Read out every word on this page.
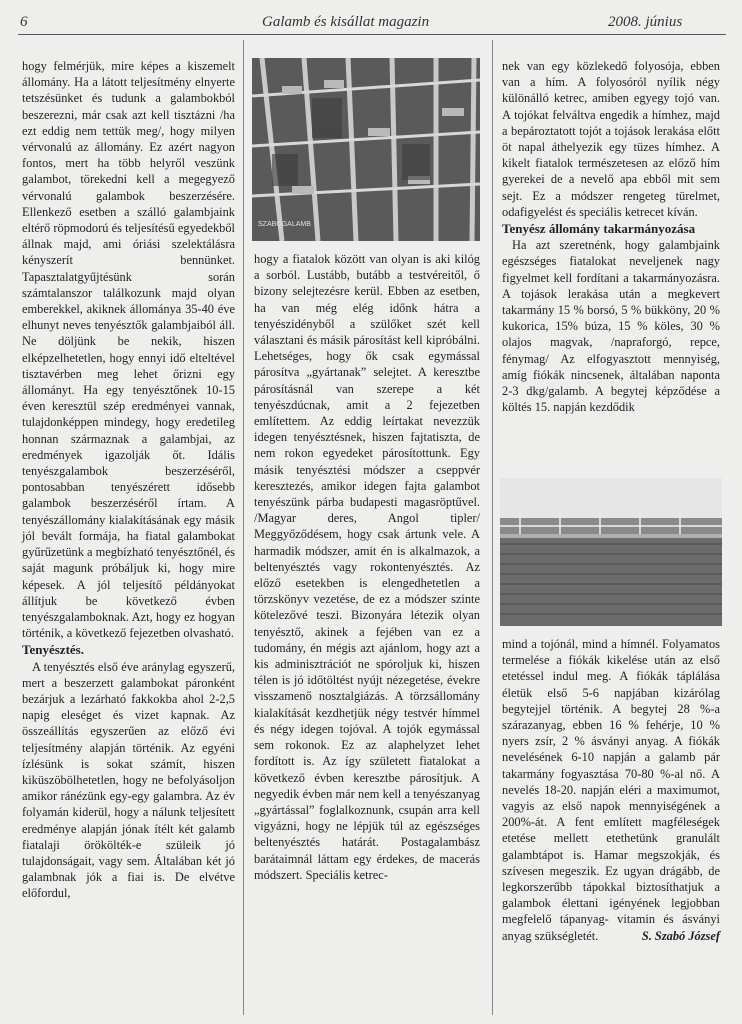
6	Galamb és kisállat magazin	2008. június
SZABOGALAMB

hogy felmérjük, mire képes a kiszemelt állomány. Ha a látott teljesítmény elnyerte tetszésünket és tudunk a galambokból beszerezni, már csak azt kell tisztázni /ha ezt eddig nem tettük meg/, hogy milyen vérvonalú az állomány. Ez azért nagyon fontos, mert ha több helyről veszünk galambot, törekedni kell a megegyező vérvonalú galambok beszerzésére. Ellenkező esetben a szálló galambjaink eltérő röpmodorú és teljesítésű egyedekből állnak majd, ami óriási szelektálásra kényszerít bennünket. Tapasztalatgyűjtésünk során számtalanszor találkozunk majd olyan emberekkel, akiknek állománya 35-40 éve elhunyt neves tenyésztők galambjaiból áll. Ne döljünk be nekik, hiszen elképzelhetetlen, hogy ennyi idő elteltével tisztavérben meg lehet őrizni egy állományt. Ha egy tenyésztőnek 10-15 éven keresztül szép eredményei vannak, tulajdonképpen mindegy, hogy eredetileg honnan származnak a galambjai, az eredmények igazolják őt. Idális tenyészgalambok beszerzéséről, pontosabban tenyészérett idősebb galambok beszerzéséről írtam. A tenyészállomány kialakításának egy másik jól bevált formája, ha fiatal galambokat gyűrűzetünk a megbízható tenyésztőnél, és saját magunk próbáljuk ki, hogy mire képesek. A jól teljesítő példányokat állítjuk be következő évben tenyészgalamboknak. Azt, hogy ez hogyan történik, a következő fejezetben olvasható.

Tenyésztés.

A tenyésztés első éve aránylag egyszerű, mert a beszerzett galambokat páronként bezárjuk a lezárható fakkokba ahol 2-2,5 napig eleséget és vizet kapnak. Az összeállítás egyszerűen az előző évi teljesítmény alapján történik. Az egyéni ízlésünk is sokat számít, hiszen kiküszöbölhetetlen, hogy ne befolyásoljon amikor ránézünk egy-egy galambra. Az év folyamán kiderül, hogy a nálunk teljesített eredménye alapján jónak ítélt két galamb fiatalaji örökölték-e szüleik jó tulajdonságait, vagy sem. Általában két jó galambnak jók a fiai is. De elvétve előfordul,

hogy a fiatalok között van olyan is aki kilóg a sorból. Lustább, butább a testvéreitől, ő bizony selejtezésre kerül. Ebben az esetben, ha van még elég időnk hátra a tenyészidényből a szülőket szét kell választani és másik párosítást kell kipróbálni. Lehetséges, hogy ők csak egymással párosítva „gyártanak” selejtet. A keresztbe párosításnál van szerepe a két tenyészdúcnak, amit a 2 fejezetben említettem. Az eddig leírtakat nevezzük idegen tenyésztésnek, hiszen fajtatiszta, de nem rokon egyedeket párosítottunk. Egy másik tenyésztési módszer a cseppvér keresztezés, amikor idegen fajta galambot tenyészünk párba budapesti magasröptűvel. /Magyar deres, Angol tipler/ Meggyőződésem, hogy csak ártunk vele. A harmadik módszer, amit én is alkalmazok, a beltenyésztés vagy rokontenyésztés. Az előző esetekben is elengedhetetlen a törzskönyv vezetése, de ez a módszer szinte kötelezővé teszi. Bizonyára létezik olyan tenyésztő, akinek a fejében van ez a tudomány, én mégis azt ajánlom, hogy azt a kis adminisztrációt ne spóroljuk ki, hiszen télen is jó időtöltést nyújt nézegetése, évekre visszamenő nosztalgiázás. A törzsállomány kialakítását kezdhetjük négy testvér hímmel és négy idegen tojóval. A tojók egymással sem rokonok. Ez az alaphelyzet lehet fordított is. Az így született fiatalokat a következő évben keresztbe párosítjuk. A negyedik évben már nem kell a tenyészanyag „gyártással” foglalkoznunk, csupán arra kell vigyázni, hogy ne lépjük túl az egészséges beltenyésztés határát. Postagalambász barátaimnál láttam egy érdekes, de macerás módszert. Speciális ketrec-

nek van egy közlekedő folyosója, ebben van a hím. A folyosóról nyílik négy különálló ketrec, amiben egyegy tojó van. A tojókat felváltva engedik a hímhez, majd a bepároztatott tojót a tojások lerakása előtt öt napal áthelyezik egy tüzes hímhez. A kikelt fiatalok természetesen az előző hím gyerekei de a nevelő apa ebből mit sem sejt. Ez a módszer rengeteg türelmet, odafigyelést és speciális ketrecet kíván.

Tenyész állomány takarmányozása

Ha azt szeretnénk, hogy galambjaink egészséges fiatalokat neveljenek nagy figyelmet kell fordítani a takarmányozásra. A tojások lerakása után a megkevert takarmány 15 % borsó, 5 % bükköny, 20 % kukorica, 15% búza, 15 % köles, 30 % olajos magvak, /napraforgó, repce, fénymag/ Az elfogyasztott mennyiség, amíg fiókák nincsenek, általában naponta 2-3 dkg/galamb. A begytej képződése a költés 15. napján kezdődik

mind a tojónál, mind a hímnél. Folyamatos termelése a fiókák kikelése után az első etetéssel indul meg. A fiókák táplálása életük első 5-6 napjában kizárólag begytejjel történik. A begytej 28 %-a szárazanyag, ebben 16 % fehérje, 10 % nyers zsír, 2 % ásványi anyag. A fiókák nevelésének 6-10 napján a galamb pár takarmány fogyasztása 70-80 %-al nő. A nevelés 18-20. napján eléri a maximumot, vagyis az első napok mennyiségének a 200%-át. A fent említett magféleségek etetése mellett etethetünk granulált galambtápot is. Hamar megszokják, és szívesen megeszik. Ez ugyan drágább, de legkorszerűbb tápokkal biztosíthatjuk a galambok élettani igényének legjobban megfelelő tápanyag- vitamin és ásványi anyag szükségletét.	S. Szabó József
